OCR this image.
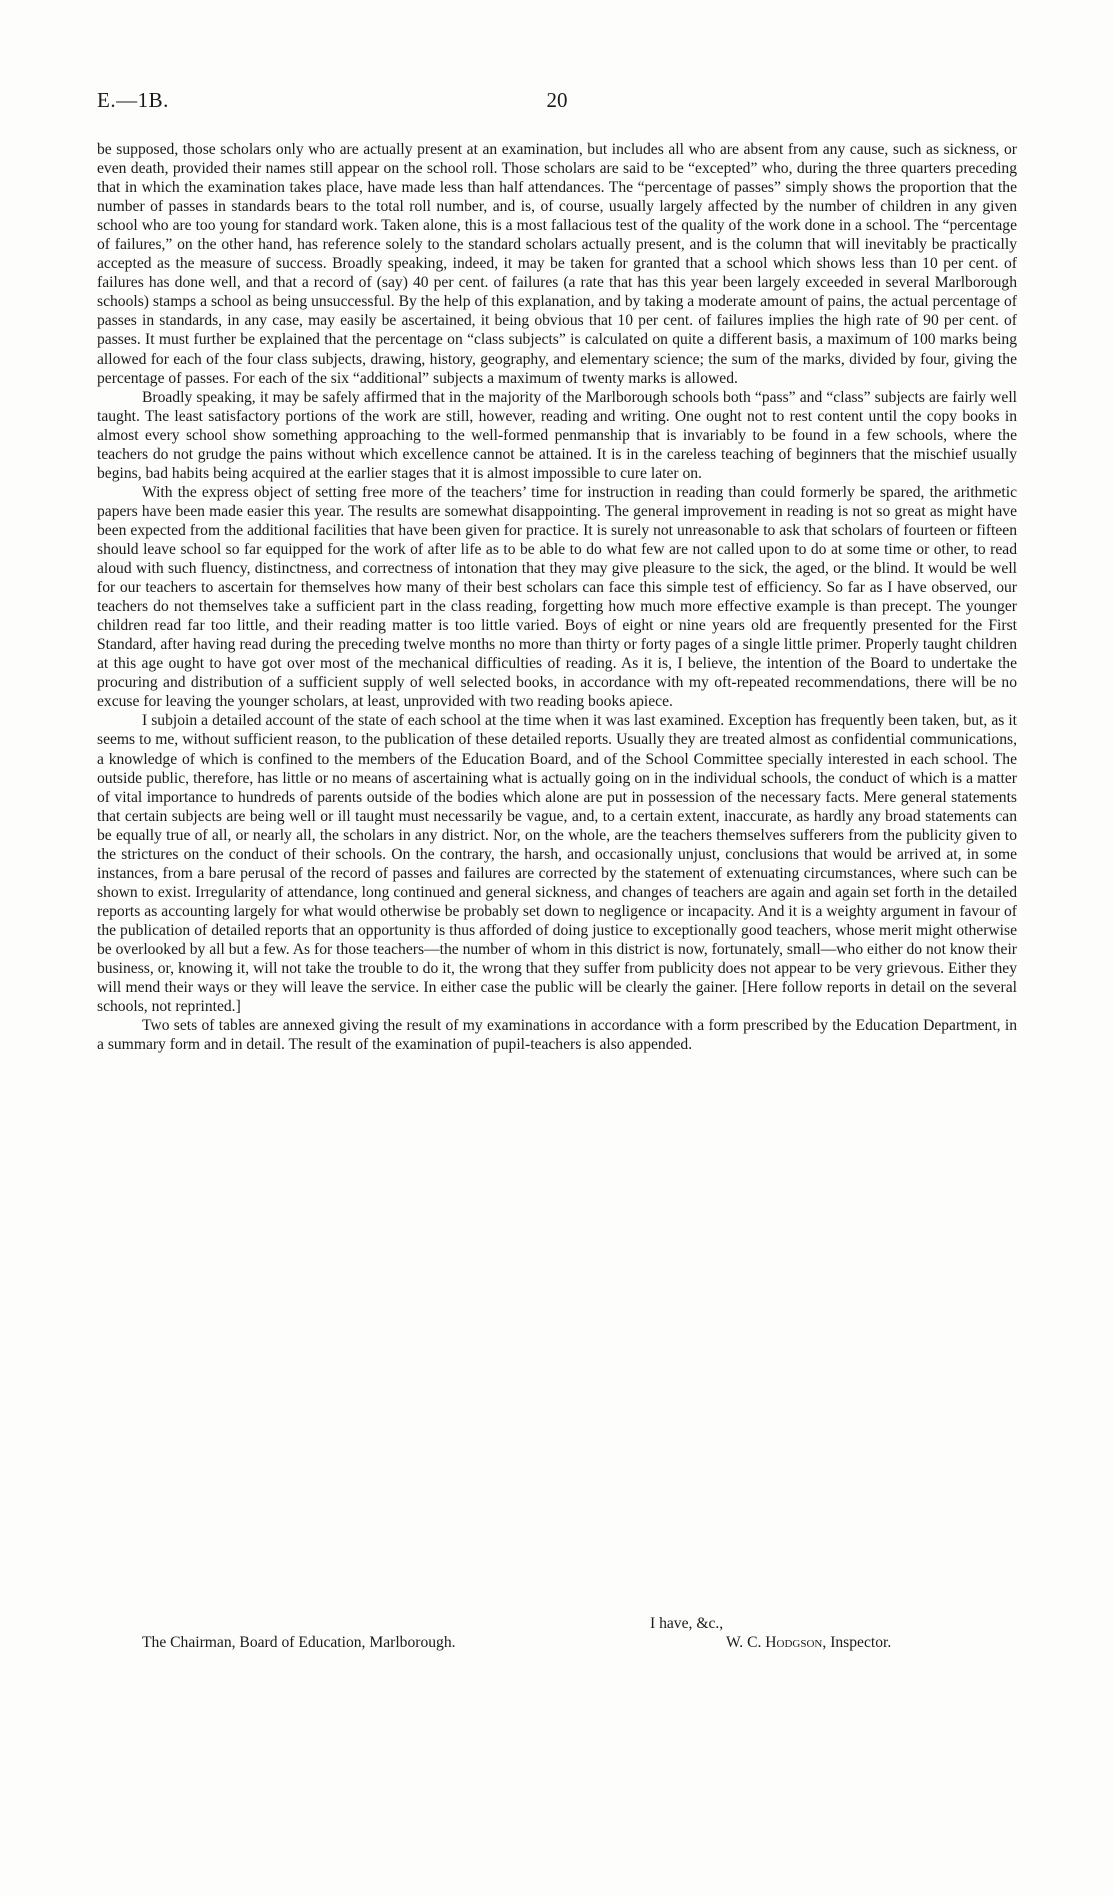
E.—1B.	20

be supposed, those scholars only who are actually present at an examination, but includes all who are absent from any cause, such as sickness, or even death, provided their names still appear on the school roll. Those scholars are said to be “excepted” who, during the three quarters preceding that in which the examination takes place, have made less than half attendances. The “percentage of passes” simply shows the proportion that the number of passes in standards bears to the total roll number, and is, of course, usually largely affected by the number of children in any given school who are too young for standard work. Taken alone, this is a most fallacious test of the quality of the work done in a school. The “percentage of failures,” on the other hand, has reference solely to the standard scholars actually present, and is the column that will inevitably be practically accepted as the measure of success. Broadly speaking, indeed, it may be taken for granted that a school which shows less than 10 per cent. of failures has done well, and that a record of (say) 40 per cent. of failures (a rate that has this year been largely exceeded in several Marlborough schools) stamps a school as being unsuccessful. By the help of this explanation, and by taking a moderate amount of pains, the actual percentage of passes in standards, in any case, may easily be ascertained, it being obvious that 10 per cent. of failures implies the high rate of 90 per cent. of passes. It must further be explained that the percentage on “class subjects” is calculated on quite a different basis, a maximum of 100 marks being allowed for each of the four class subjects, drawing, history, geography, and elementary science; the sum of the marks, divided by four, giving the percentage of passes. For each of the six “additional” subjects a maximum of twenty marks is allowed.

Broadly speaking, it may be safely affirmed that in the majority of the Marlborough schools both “pass” and “class” subjects are fairly well taught. The least satisfactory portions of the work are still, however, reading and writing. One ought not to rest content until the copy books in almost every school show something approaching to the well-formed penmanship that is invariably to be found in a few schools, where the teachers do not grudge the pains without which excellence cannot be attained. It is in the careless teaching of beginners that the mischief usually begins, bad habits being acquired at the earlier stages that it is almost impossible to cure later on.

With the express object of setting free more of the teachers’ time for instruction in reading than could formerly be spared, the arithmetic papers have been made easier this year. The results are somewhat disappointing. The general improvement in reading is not so great as might have been expected from the additional facilities that have been given for practice. It is surely not unreasonable to ask that scholars of fourteen or fifteen should leave school so far equipped for the work of after life as to be able to do what few are not called upon to do at some time or other, to read aloud with such fluency, distinctness, and correctness of intonation that they may give pleasure to the sick, the aged, or the blind. It would be well for our teachers to ascertain for themselves how many of their best scholars can face this simple test of efficiency. So far as I have observed, our teachers do not themselves take a sufficient part in the class reading, forgetting how much more effective example is than precept. The younger children read far too little, and their reading matter is too little varied. Boys of eight or nine years old are frequently presented for the First Standard, after having read during the preceding twelve months no more than thirty or forty pages of a single little primer. Properly taught children at this age ought to have got over most of the mechanical difficulties of reading. As it is, I believe, the intention of the Board to undertake the procuring and distribution of a sufficient supply of well selected books, in accordance with my oft-repeated recommendations, there will be no excuse for leaving the younger scholars, at least, unprovided with two reading books apiece.

I subjoin a detailed account of the state of each school at the time when it was last examined. Exception has frequently been taken, but, as it seems to me, without sufficient reason, to the publication of these detailed reports. Usually they are treated almost as confidential communications, a knowledge of which is confined to the members of the Education Board, and of the School Committee specially interested in each school. The outside public, therefore, has little or no means of ascertaining what is actually going on in the individual schools, the conduct of which is a matter of vital importance to hundreds of parents outside of the bodies which alone are put in possession of the necessary facts. Mere general statements that certain subjects are being well or ill taught must necessarily be vague, and, to a certain extent, inaccurate, as hardly any broad statements can be equally true of all, or nearly all, the scholars in any district. Nor, on the whole, are the teachers themselves sufferers from the publicity given to the strictures on the conduct of their schools. On the contrary, the harsh, and occasionally unjust, conclusions that would be arrived at, in some instances, from a bare perusal of the record of passes and failures are corrected by the statement of extenuating circumstances, where such can be shown to exist. Irregularity of attendance, long continued and general sickness, and changes of teachers are again and again set forth in the detailed reports as accounting largely for what would otherwise be probably set down to negligence or incapacity. And it is a weighty argument in favour of the publication of detailed reports that an opportunity is thus afforded of doing justice to exceptionally good teachers, whose merit might otherwise be overlooked by all but a few. As for those teachers—the number of whom in this district is now, fortunately, small—who either do not know their business, or, knowing it, will not take the trouble to do it, the wrong that they suffer from publicity does not appear to be very grievous. Either they will mend their ways or they will leave the service. In either case the public will be clearly the gainer. [Here follow reports in detail on the several schools, not reprinted.]

Two sets of tables are annexed giving the result of my examinations in accordance with a form prescribed by the Education Department, in a summary form and in detail. The result of the examination of pupil-teachers is also appended.

I have, &c.,
The Chairman, Board of Education, Marlborough.	W. C. Hodgson, Inspector.
